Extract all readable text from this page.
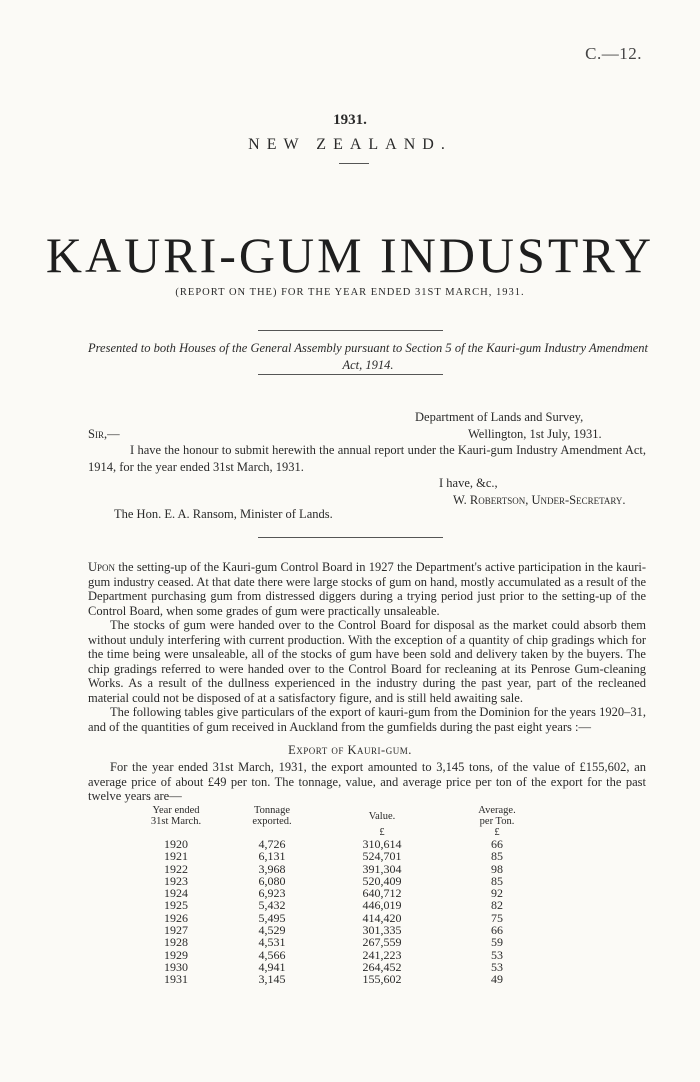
C.—12.
1931.
NEW ZEALAND.
KAURI-GUM INDUSTRY
(REPORT ON THE) FOR THE YEAR ENDED 31ST MARCH, 1931.
Presented to both Houses of the General Assembly pursuant to Section 5 of the Kauri-gum Industry Amendment Act, 1914.
Department of Lands and Survey,
Wellington, 1st July, 1931.
Sir,—
I have the honour to submit herewith the annual report under the Kauri-gum Industry Amendment Act, 1914, for the year ended 31st March, 1931.
I have, &c.,
W. Robertson, Under-Secretary.
The Hon. E. A. Ransom, Minister of Lands.

Upon the setting-up of the Kauri-gum Control Board in 1927 the Department's active participation in the kauri-gum industry ceased. At that date there were large stocks of gum on hand, mostly accumulated as a result of the Department purchasing gum from distressed diggers during a trying period just prior to the setting-up of the Control Board, when some grades of gum were practically unsaleable.

The stocks of gum were handed over to the Control Board for disposal as the market could absorb them without unduly interfering with current production. With the exception of a quantity of chip gradings which for the time being were unsaleable, all of the stocks of gum have been sold and delivery taken by the buyers. The chip gradings referred to were handed over to the Control Board for recleaning at its Penrose Gum-cleaning Works. As a result of the dullness experienced in the industry during the past year, part of the recleaned material could not be disposed of at a satisfactory figure, and is still held awaiting sale.

The following tables give particulars of the export of kauri-gum from the Dominion for the years 1920–31, and of the quantities of gum received in Auckland from the gumfields during the past eight years :—

Export of Kauri-gum.

For the year ended 31st March, 1931, the export amounted to 3,145 tons, of the value of £155,602, an average price of about £49 per ton. The tonnage, value, and average price per ton of the export for the past twelve years are—

Year ended
31st March.	Tonnage
exported.	Value.	Average.
per Ton.
		£	£
1920	4,726	310,614	66
1921	6,131	524,701	85
1922	3,968	391,304	98
1923	6,080	520,409	85
1924	6,923	640,712	92
1925	5,432	446,019	82
1926	5,495	414,420	75
1927	4,529	301,335	66
1928	4,531	267,559	59
1929	4,566	241,223	53
1930	4,941	264,452	53
1931	3,145	155,602	49
